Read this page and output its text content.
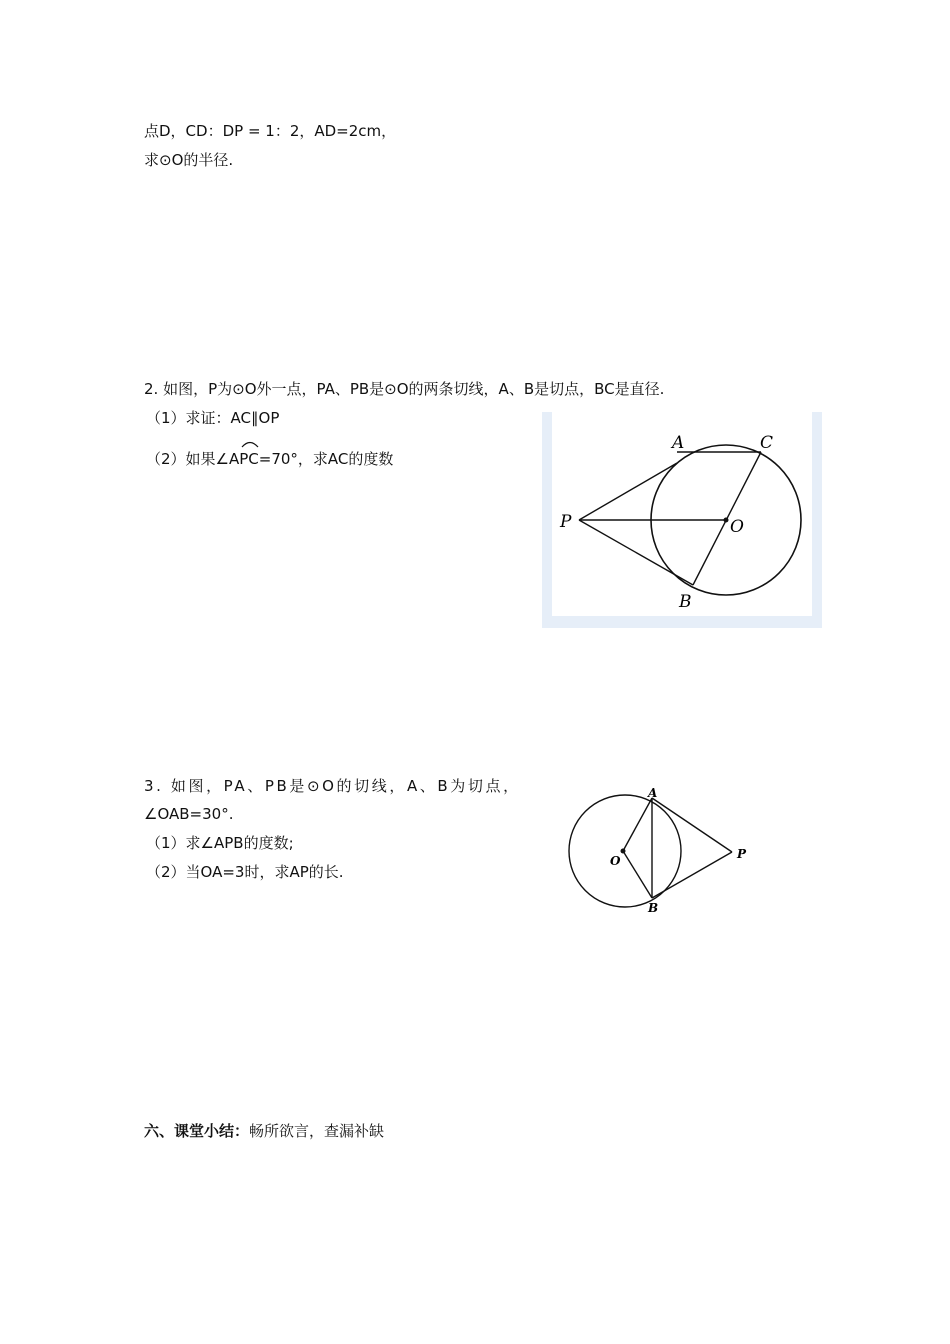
点D，CD：DP = 1：2，AD=2cm，
求⊙O的半径.
2. 如图，P为⊙O外一点，PA、PB是⊙O的两条切线，A、B是切点，BC是直径.
（1）求证：AC∥OP
（2）如果∠APC
=70°，求AC的度数
A	C
P	O
B
3. 如图，PA、PB是⊙O的切线，A、B为切点，
∠OAB=30°.
（1）求∠APB的度数;
（2）当OA=3时，求AP的长.
A
O	P
B
六、课堂小结：畅所欲言，查漏补缺
